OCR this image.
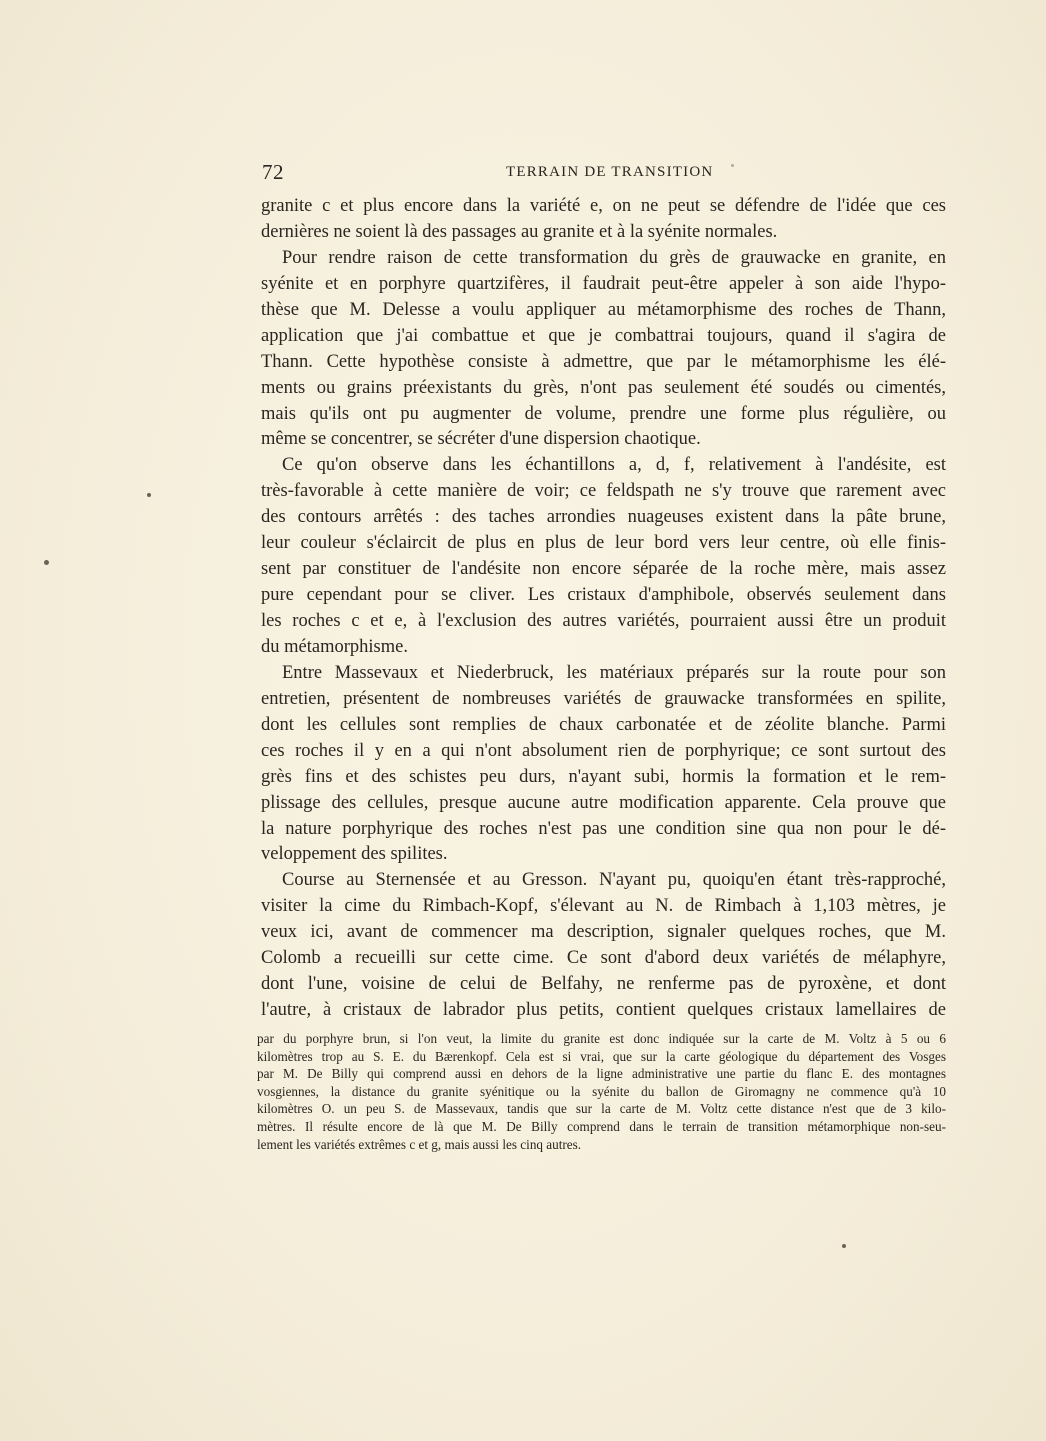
72	TERRAIN DE TRANSITION
granite c et plus encore dans la variété e, on ne peut se défendre de l'idée que ces
dernières ne soient là des passages au granite et à la syénite normales.
Pour rendre raison de cette transformation du grès de grauwacke en granite, en
syénite et en porphyre quartzifères, il faudrait peut-être appeler à son aide l'hypo-
thèse que M. Delesse a voulu appliquer au métamorphisme des roches de Thann,
application que j'ai combattue et que je combattrai toujours, quand il s'agira de
Thann. Cette hypothèse consiste à admettre, que par le métamorphisme les élé-
ments ou grains préexistants du grès, n'ont pas seulement été soudés ou cimentés,
mais qu'ils ont pu augmenter de volume, prendre une forme plus régulière, ou
même se concentrer, se sécréter d'une dispersion chaotique.
Ce qu'on observe dans les échantillons a, d, f, relativement à l'andésite, est
très-favorable à cette manière de voir; ce feldspath ne s'y trouve que rarement avec
des contours arrêtés : des taches arrondies nuageuses existent dans la pâte brune,
leur couleur s'éclaircit de plus en plus de leur bord vers leur centre, où elle finis-
sent par constituer de l'andésite non encore séparée de la roche mère, mais assez
pure cependant pour se cliver. Les cristaux d'amphibole, observés seulement dans
les roches c et e, à l'exclusion des autres variétés, pourraient aussi être un produit
du métamorphisme.
Entre Massevaux et Niederbruck, les matériaux préparés sur la route pour son
entretien, présentent de nombreuses variétés de grauwacke transformées en spilite,
dont les cellules sont remplies de chaux carbonatée et de zéolite blanche. Parmi
ces roches il y en a qui n'ont absolument rien de porphyrique; ce sont surtout des
grès fins et des schistes peu durs, n'ayant subi, hormis la formation et le rem-
plissage des cellules, presque aucune autre modification apparente. Cela prouve que
la nature porphyrique des roches n'est pas une condition sine qua non pour le dé-
veloppement des spilites.
Course au Sternensée et au Gresson. N'ayant pu, quoiqu'en étant très-rapproché,
visiter la cime du Rimbach-Kopf, s'élevant au N. de Rimbach à 1,103 mètres, je
veux ici, avant de commencer ma description, signaler quelques roches, que M.
Colomb a recueilli sur cette cime. Ce sont d'abord deux variétés de mélaphyre,
dont l'une, voisine de celui de Belfahy, ne renferme pas de pyroxène, et dont
l'autre, à cristaux de labrador plus petits, contient quelques cristaux lamellaires de
par du porphyre brun, si l'on veut, la limite du granite est donc indiquée sur la carte de M. Voltz à 5 ou 6
kilomètres trop au S. E. du Bærenkopf. Cela est si vrai, que sur la carte géologique du département des Vosges
par M. De Billy qui comprend aussi en dehors de la ligne administrative une partie du flanc E. des montagnes
vosgiennes, la distance du granite syénitique ou la syénite du ballon de Giromagny ne commence qu'à 10
kilomètres O. un peu S. de Massevaux, tandis que sur la carte de M. Voltz cette distance n'est que de 3 kilo-
mètres. Il résulte encore de là que M. De Billy comprend dans le terrain de transition métamorphique non-seu-
lement les variétés extrêmes c et g, mais aussi les cinq autres.
